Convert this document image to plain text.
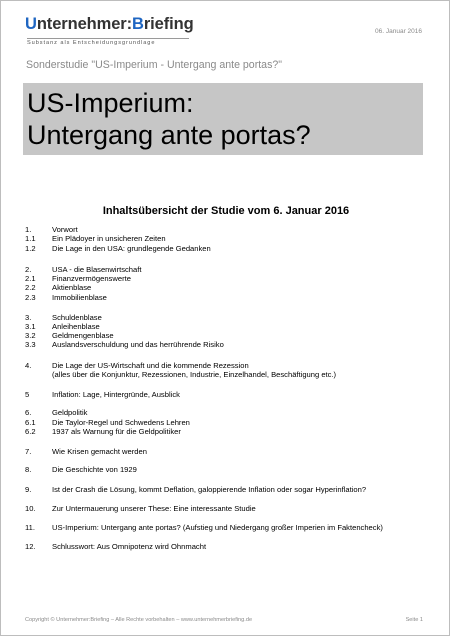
Unternehmer:Briefing
Substanz als Entscheidungsgrundlage
06. Januar 2016
Sonderstudie "US-Imperium - Untergang ante portas?"
US-Imperium:
Untergang ante portas?
Inhaltsübersicht der Studie vom 6. Januar 2016
1.	Vorwort
1.1 Ein Plädoyer in unsicheren Zeiten
1.2 Die Lage in den USA: grundlegende Gedanken
2.	USA - die Blasenwirtschaft
2.1 Finanzvermögenswerte
2.2 Aktienblase
2.3 Immobilienblase
3.	Schuldenblase
3.1 Anleihenblase
3.2 Geldmengenblase
3.3 Auslandsverschuldung und das herrührende Risiko
4.	Die Lage der US-Wirtschaft und die kommende Rezession
(alles über die Konjunktur, Rezessionen, Industrie, Einzelhandel, Beschäftigung etc.)
5	Inflation: Lage, Hintergründe, Ausblick
6.	Geldpolitik
6.1 Die Taylor-Regel und Schwedens Lehren
6.2 1937 als Warnung für die Geldpolitiker
7.	Wie Krisen gemacht werden
8.	Die Geschichte von 1929
9.	Ist der Crash die Lösung, kommt Deflation, galoppierende Inflation oder sogar Hyperinflation?
10. Zur Untermauerung unserer These: Eine interessante Studie
11. US-Imperium: Untergang ante portas? (Aufstieg und Niedergang großer Imperien im Faktencheck)
12. Schlusswort: Aus Omnipotenz wird Ohnmacht
Copyright © Unternehmer:Briefing – Alle Rechte vorbehalten – www.unternehmerbriefing.de	Seite 1
